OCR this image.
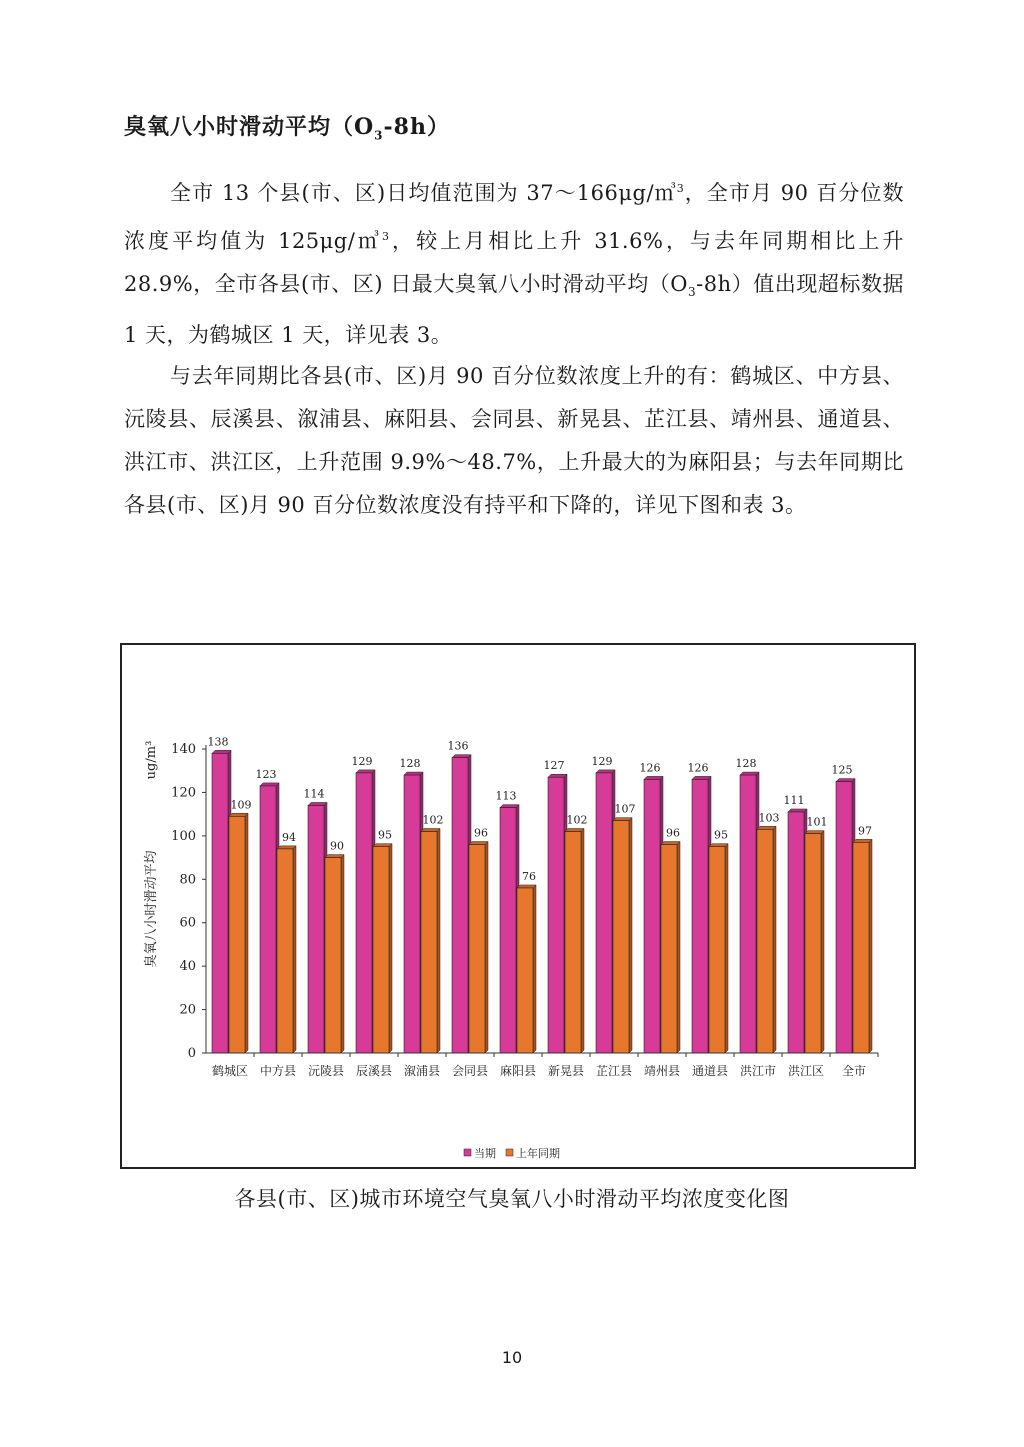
臭氧八小时滑动平均$(O_3-8h)$

全市 13 个县(市、区)日均值范围为 37～166μg/㎥$^3$，全市月 90 百分位数浓度平均值为 125μg/㎥$^3$，较上月相比上升 31.6%，与去年同期相比上升 28.9%，全市各县(市、区) 日最大臭氧八小时滑动平均$(O_3-8h)$值出现超标数据 1 天，为鹤城区 1 天，详见表 3。

与去年同期比各县(市、区)月 90 百分位数浓度上升的有：鹤城区、中方县、沅陵县、辰溪县、溆浦县、麻阳县、会同县、新晃县、芷江县、靖州县、通道县、洪江市、洪江区，上升范围 9.9%～48.7%，上升最大的为麻阳县；与去年同期比各县(市、区)月 90 百分位数浓度没有持平和下降的，详见下图和表 3。

0
20
40
60
80
100
120
140
鹤城区
138
109
中方县
123
94
沅陵县
114
90
辰溪县
129
95
溆浦县
128
102
会同县
136
96
麻阳县
113
76
新晃县
127
102
芷江县
129
107
靖州县
126
96
通道县
126
95
洪江市
128
103
洪江区
111
101
全市
125
97
当期 上年同期
臭氧八小时滑动平均
ug/m³
各县(市、区)城市环境空气臭氧八小时滑动平均浓度变化图
10
